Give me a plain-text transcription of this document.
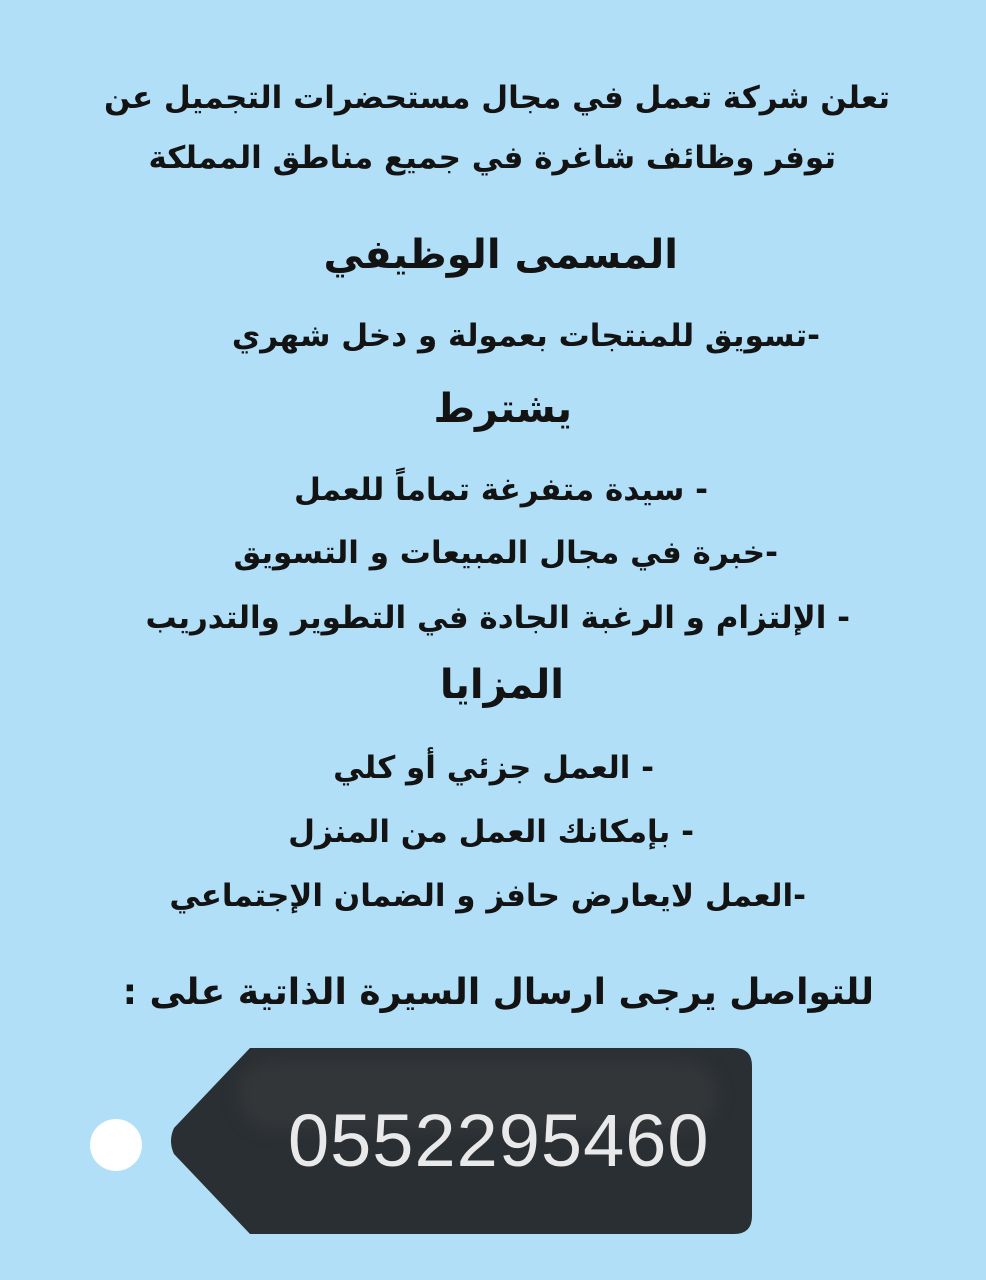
تعلن شركة تعمل في مجال مستحضرات التجميل عن
توفر وظائف شاغرة في جميع مناطق المملكة
المسمى الوظيفي
-تسويق للمنتجات بعمولة و دخل شهري
يشترط
- سيدة متفرغة تماماً للعمل
-خبرة في مجال المبيعات و التسويق
- الإلتزام و الرغبة الجادة في التطوير والتدريب
المزايا
- العمل جزئي أو كلي
- بإمكانك العمل من المنزل
-العمل لايعارض حافز و الضمان الإجتماعي
للتواصل يرجى ارسال السيرة الذاتية على :
0552295460
